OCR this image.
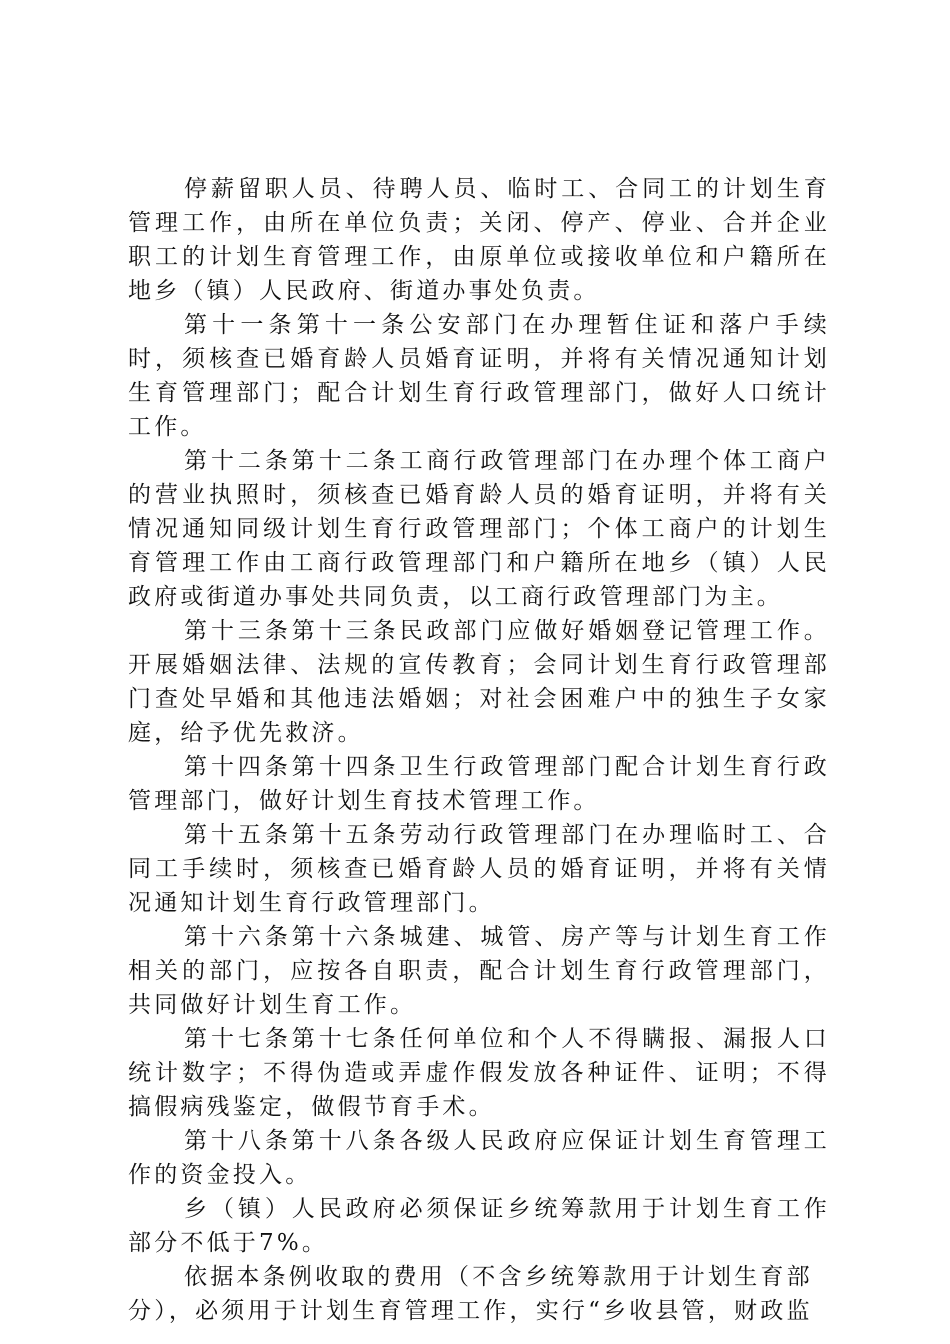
停薪留职人员、待聘人员、临时工、合同工的计划生育管理工作，由所在单位负责；关闭、停产、停业、合并企业职工的计划生育管理工作，由原单位或接收单位和户籍所在地乡（镇）人民政府、街道办事处负责。

第十一条第十一条公安部门在办理暂住证和落户手续时，须核查已婚育龄人员婚育证明，并将有关情况通知计划生育管理部门；配合计划生育行政管理部门，做好人口统计工作。

第十二条第十二条工商行政管理部门在办理个体工商户的营业执照时，须核查已婚育龄人员的婚育证明，并将有关情况通知同级计划生育行政管理部门；个体工商户的计划生育管理工作由工商行政管理部门和户籍所在地乡（镇）人民政府或街道办事处共同负责，以工商行政管理部门为主。

第十三条第十三条民政部门应做好婚姻登记管理工作。开展婚姻法律、法规的宣传教育；会同计划生育行政管理部门查处早婚和其他违法婚姻；对社会困难户中的独生子女家庭，给予优先救济。

第十四条第十四条卫生行政管理部门配合计划生育行政管理部门，做好计划生育技术管理工作。

第十五条第十五条劳动行政管理部门在办理临时工、合同工手续时，须核查已婚育龄人员的婚育证明，并将有关情况通知计划生育行政管理部门。

第十六条第十六条城建、城管、房产等与计划生育工作相关的部门，应按各自职责，配合计划生育行政管理部门，共同做好计划生育工作。

第十七条第十七条任何单位和个人不得瞒报、漏报人口统计数字；不得伪造或弄虚作假发放各种证件、证明；不得搞假病残鉴定，做假节育手术。

第十八条第十八条各级人民政府应保证计划生育管理工作的资金投入。

乡（镇）人民政府必须保证乡统筹款用于计划生育工作部分不低于7%。

依据本条例收取的费用（不含乡统筹款用于计划生育部分），必须用于计划生育管理工作，实行“乡收县管，财政监
